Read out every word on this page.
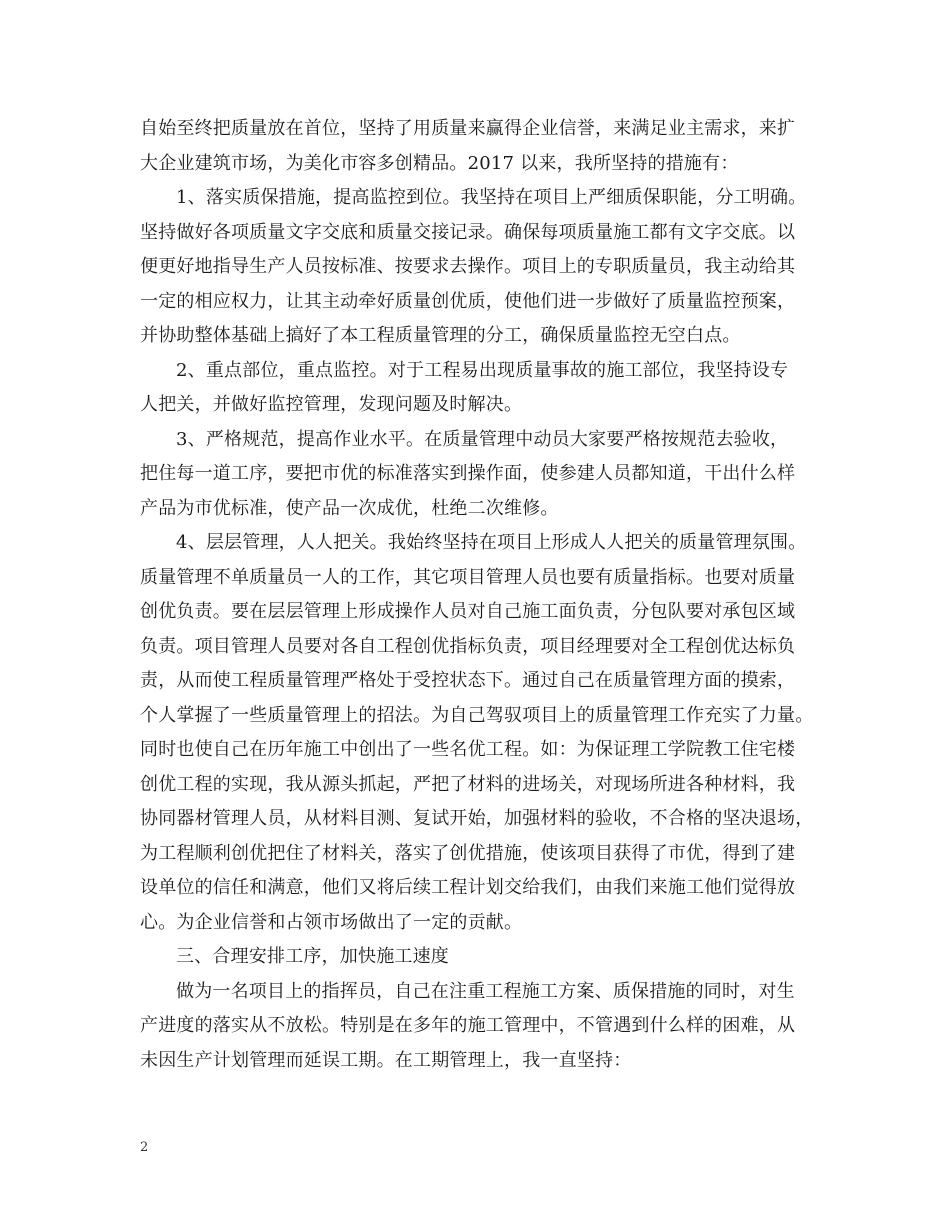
自始至终把质量放在首位，坚持了用质量来赢得企业信誉，来满足业主需求，来扩
大企业建筑市场，为美化市容多创精品。2017 以来，我所坚持的措施有：
1、落实质保措施，提高监控到位。我坚持在项目上严细质保职能，分工明确。
坚持做好各项质量文字交底和质量交接记录。确保每项质量施工都有文字交底。以
便更好地指导生产人员按标准、按要求去操作。项目上的专职质量员，我主动给其
一定的相应权力，让其主动牵好质量创优质，使他们进一步做好了质量监控预案，
并协助整体基础上搞好了本工程质量管理的分工，确保质量监控无空白点。
2、重点部位，重点监控。对于工程易出现质量事故的施工部位，我坚持设专
人把关，并做好监控管理，发现问题及时解决。
3、严格规范，提高作业水平。在质量管理中动员大家要严格按规范去验收，
把住每一道工序，要把市优的标准落实到操作面，使参建人员都知道，干出什么样
产品为市优标准，使产品一次成优，杜绝二次维修。
4、层层管理，人人把关。我始终坚持在项目上形成人人把关的质量管理氛围。
质量管理不单质量员一人的工作，其它项目管理人员也要有质量指标。也要对质量
创优负责。要在层层管理上形成操作人员对自己施工面负责，分包队要对承包区域
负责。项目管理人员要对各自工程创优指标负责，项目经理要对全工程创优达标负
责，从而使工程质量管理严格处于受控状态下。通过自己在质量管理方面的摸索，
个人掌握了一些质量管理上的招法。为自己驾驭项目上的质量管理工作充实了力量。
同时也使自己在历年施工中创出了一些名优工程。如：为保证理工学院教工住宅楼
创优工程的实现，我从源头抓起，严把了材料的进场关，对现场所进各种材料，我
协同器材管理人员，从材料目测、复试开始，加强材料的验收，不合格的坚决退场，
为工程顺利创优把住了材料关，落实了创优措施，使该项目获得了市优，得到了建
设单位的信任和满意，他们又将后续工程计划交给我们，由我们来施工他们觉得放
心。为企业信誉和占领市场做出了一定的贡献。
三、合理安排工序，加快施工速度
做为一名项目上的指挥员，自己在注重工程施工方案、质保措施的同时，对生
产进度的落实从不放松。特别是在多年的施工管理中，不管遇到什么样的困难，从
未因生产计划管理而延误工期。在工期管理上，我一直坚持：
2
